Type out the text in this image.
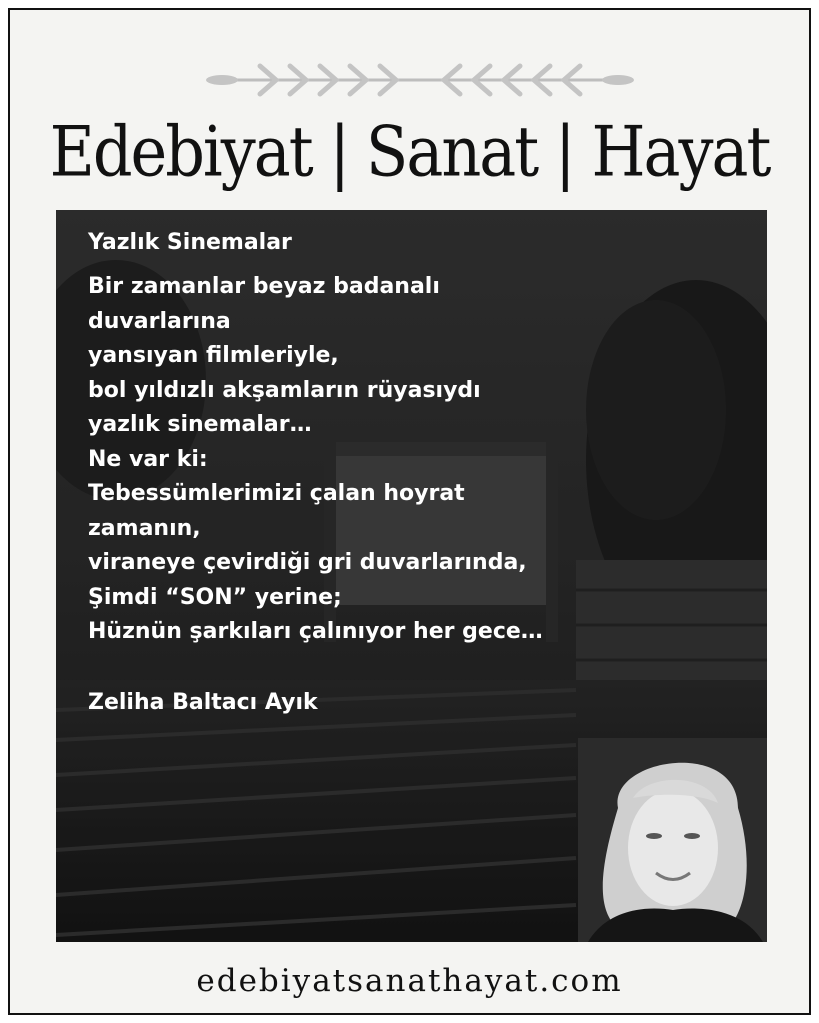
Edebiyat | Sanat | Hayat
Yazlık Sinemalar
Bir zamanlar beyaz badanalı
duvarlarına
yansıyan filmleriyle,
bol yıldızlı akşamların rüyasıydı
yazlık sinemalar…
Ne var ki:
Tebessümlerimizi çalan hoyrat
zamanın,
viraneye çevirdiği gri duvarlarında,
Şimdi “SON” yerine;
Hüznün şarkıları çalınıyor her gece…
Zeliha Baltacı Ayık
edebiyatsanathayat.com
